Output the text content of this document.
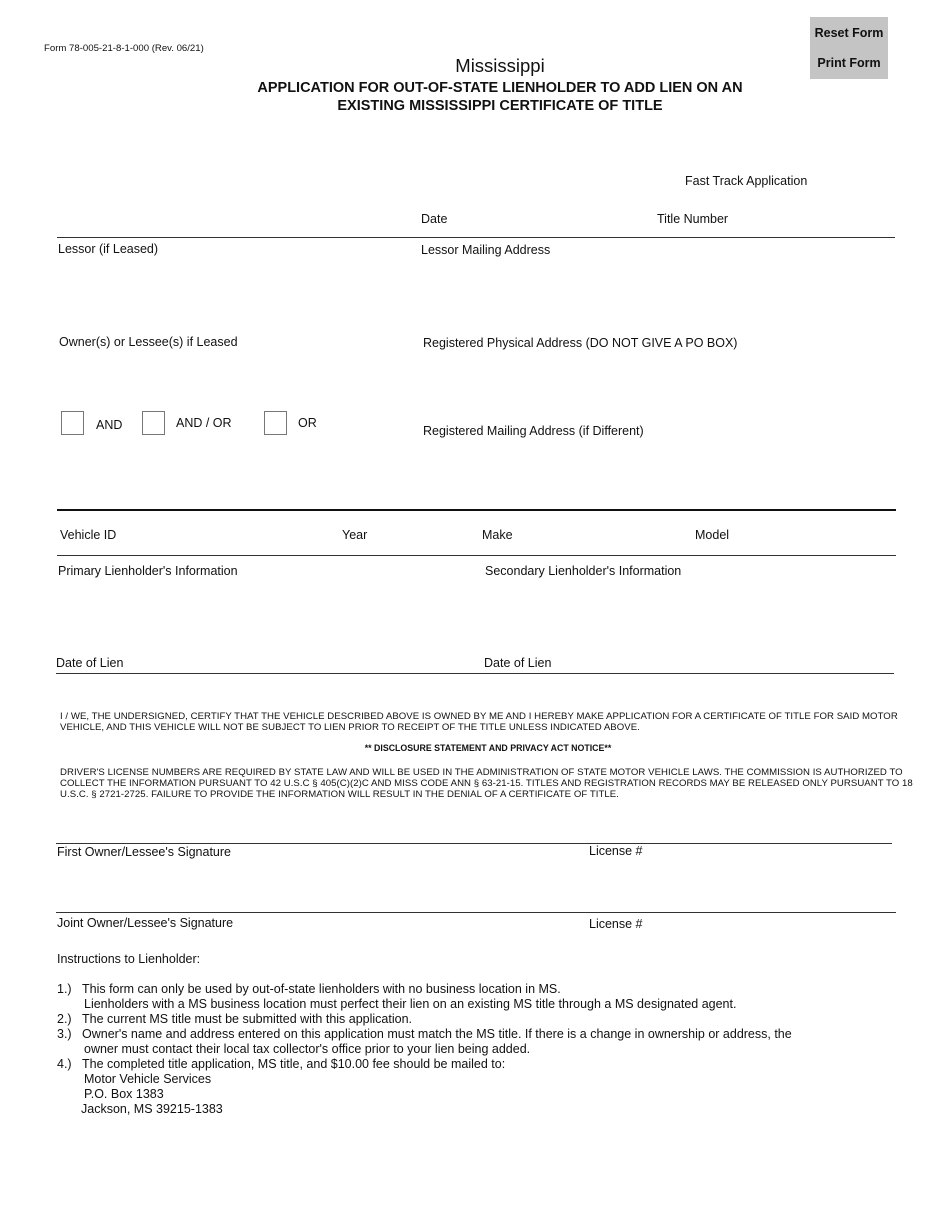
Form 78-005-21-8-1-000 (Rev. 06/21)
Mississippi
APPLICATION FOR OUT-OF-STATE LIENHOLDER TO ADD LIEN ON AN
EXISTING MISSISSIPPI CERTIFICATE OF TITLE
Reset Form
Print Form
Fast Track Application
Date	Title Number
Lessor (if Leased)	Lessor Mailing Address
Owner(s) or Lessee(s) if Leased	Registered Physical Address (DO NOT GIVE A PO BOX)
AND	AND / OR	OR
Registered Mailing Address (if Different)
Vehicle ID	Year	Make	Model
Primary Lienholder's Information	Secondary Lienholder's Information
Date of Lien	Date of Lien
I / WE, THE UNDERSIGNED, CERTIFY THAT THE VEHICLE DESCRIBED ABOVE IS OWNED BY ME AND I HEREBY MAKE APPLICATION FOR A CERTIFICATE OF TITLE FOR SAID MOTOR
VEHICLE, AND THIS VEHICLE WILL NOT BE SUBJECT TO LIEN PRIOR TO RECEIPT OF THE TITLE UNLESS INDICATED ABOVE.
** DISCLOSURE STATEMENT AND PRIVACY ACT NOTICE**
DRIVER'S LICENSE NUMBERS ARE REQUIRED BY STATE LAW AND WILL BE USED IN THE ADMINISTRATION OF STATE MOTOR VEHICLE LAWS. THE COMMISSION IS AUTHORIZED TO
COLLECT THE INFORMATION PURSUANT TO 42 U.S.C § 405(C)(2)C AND MISS CODE ANN § 63-21-15. TITLES AND REGISTRATION RECORDS MAY BE RELEASED ONLY PURSUANT TO 18
U.S.C. § 2721-2725. FAILURE TO PROVIDE THE INFORMATION WILL RESULT IN THE DENIAL OF A CERTIFICATE OF TITLE.
First Owner/Lessee's Signature	License #
Joint Owner/Lessee's Signature	License #
Instructions to Lienholder:
1.) This form can only be used by out-of-state lienholders with no business location in MS.
Lienholders with a MS business location must perfect their lien on an existing MS title through a MS designated agent.
2.) The current MS title must be submitted with this application.
3.) Owner's name and address entered on this application must match the MS title. If there is a change in ownership or address, the
owner must contact their local tax collector's office prior to your lien being added.
4.) The completed title application, MS title, and $10.00 fee should be mailed to:
Motor Vehicle Services
P.O. Box 1383
Jackson, MS 39215-1383
